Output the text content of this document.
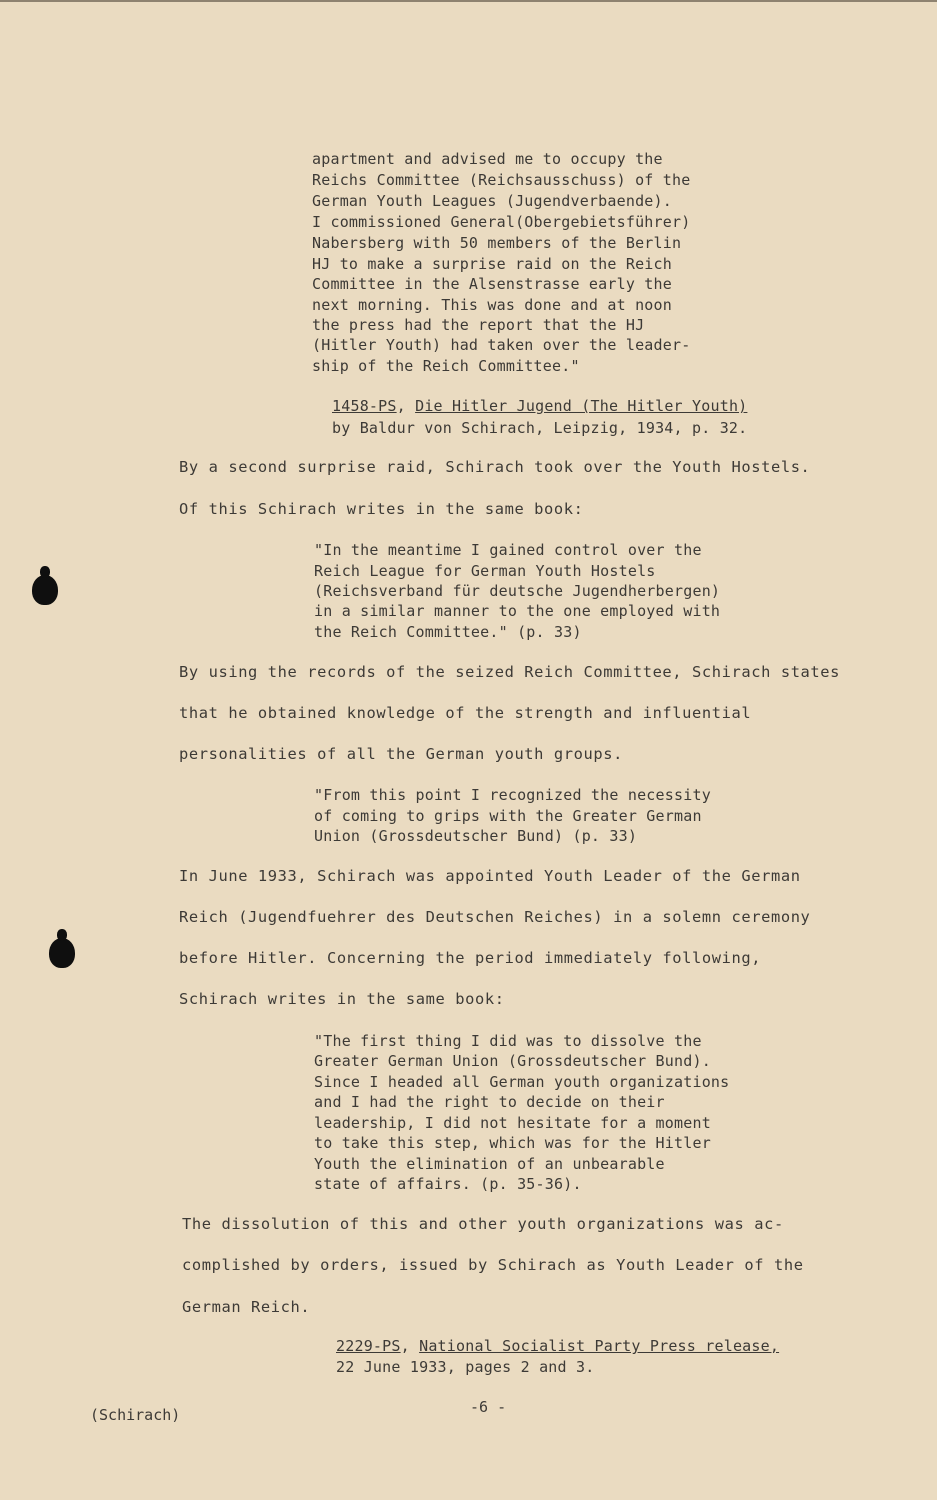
apartment and advised me to occupy the
Reichs Committee (Reichsausschuss) of the
German Youth Leagues (Jugendverbaende).
I commissioned General(Obergebietsführer)
Nabersberg with 50 members of the Berlin
HJ to make a surprise raid on the Reich
Committee in the Alsenstrasse early the
next morning. This was done and at noon
the press had the report that the HJ
(Hitler Youth) had taken over the leader-
ship of the Reich Committee."
1458-PS, Die Hitler Jugend (The Hitler Youth)
by Baldur von Schirach, Leipzig, 1934, p. 32.
By a second surprise raid, Schirach took over the Youth Hostels.
Of this Schirach writes in the same book:
"In the meantime I gained control over the
Reich League for German Youth Hostels
(Reichsverband für deutsche Jugendherbergen)
in a similar manner to the one employed with
the Reich Committee." (p. 33)
By using the records of the seized Reich Committee, Schirach states
that he obtained knowledge of the strength and influential
personalities of all the German youth groups.
"From this point I recognized the necessity
of coming to grips with the Greater German
Union (Grossdeutscher Bund) (p. 33)
In June 1933, Schirach was appointed Youth Leader of the German
Reich (Jugendfuehrer des Deutschen Reiches) in a solemn ceremony
before Hitler. Concerning the period immediately following,
Schirach writes in the same book:
"The first thing I did was to dissolve the
Greater German Union (Grossdeutscher Bund).
Since I headed all German youth organizations
and I had the right to decide on their
leadership, I did not hesitate for a moment
to take this step, which was for the Hitler
Youth the elimination of an unbearable
state of affairs. (p. 35-36).
The dissolution of this and other youth organizations was ac-
complished by orders, issued by Schirach as Youth Leader of the
German Reich.
2229-PS, National Socialist Party Press release,
22 June 1933, pages 2 and 3.
(Schirach)	-6 -
